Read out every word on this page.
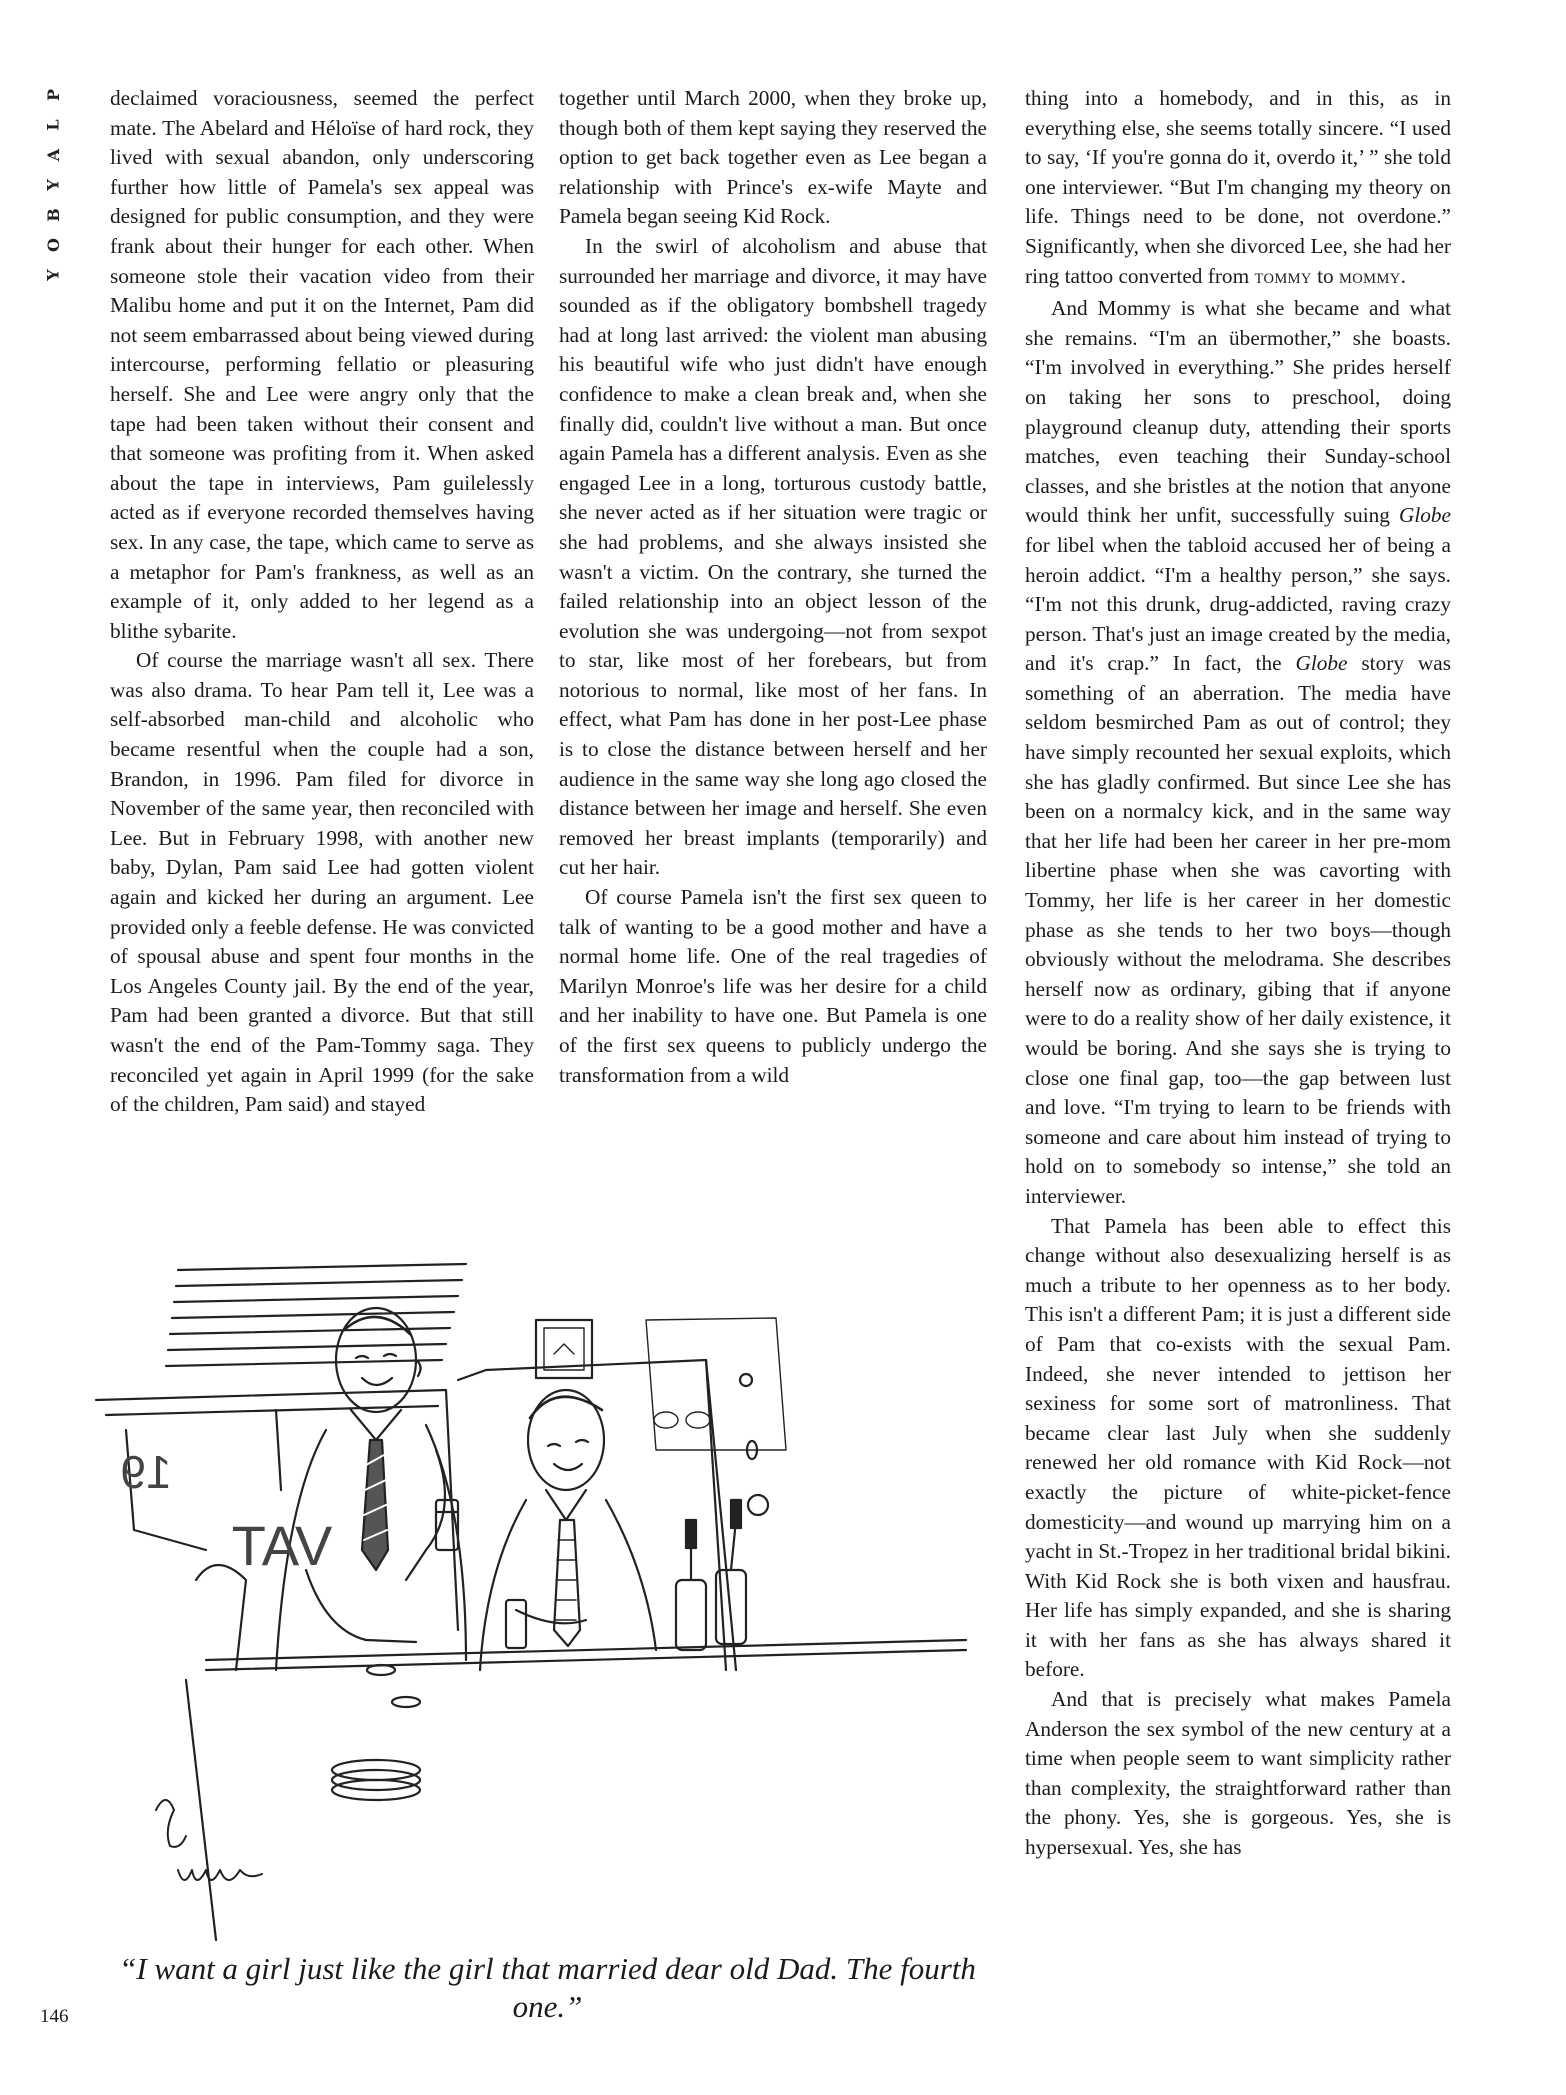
P
L
A
Y
B
O
Y

declaimed voraciousness, seemed the perfect mate. The Abelard and Héloïse of hard rock, they lived with sexual abandon, only underscoring further how little of Pamela's sex appeal was designed for public consumption, and they were frank about their hunger for each other. When someone stole their vacation video from their Malibu home and put it on the Internet, Pam did not seem embarrassed about being viewed during intercourse, performing fellatio or pleasuring herself. She and Lee were angry only that the tape had been taken without their consent and that someone was profiting from it. When asked about the tape in interviews, Pam guilelessly acted as if everyone recorded themselves having sex. In any case, the tape, which came to serve as a metaphor for Pam's frankness, as well as an example of it, only added to her legend as a blithe sybarite.

Of course the marriage wasn't all sex. There was also drama. To hear Pam tell it, Lee was a self-absorbed man-child and alcoholic who became resentful when the couple had a son, Brandon, in 1996. Pam filed for divorce in November of the same year, then reconciled with Lee. But in February 1998, with another new baby, Dylan, Pam said Lee had gotten violent again and kicked her during an argument. Lee provided only a feeble defense. He was convicted of spousal abuse and spent four months in the Los Angeles County jail. By the end of the year, Pam had been granted a divorce. But that still wasn't the end of the Pam-Tommy saga. They reconciled yet again in April 1999 (for the sake of the children, Pam said) and stayed

together until March 2000, when they broke up, though both of them kept saying they reserved the option to get back together even as Lee began a relationship with Prince's ex-wife Mayte and Pamela began seeing Kid Rock.

In the swirl of alcoholism and abuse that surrounded her marriage and divorce, it may have sounded as if the obligatory bombshell tragedy had at long last arrived: the violent man abusing his beautiful wife who just didn't have enough confidence to make a clean break and, when she finally did, couldn't live without a man. But once again Pamela has a different analysis. Even as she engaged Lee in a long, torturous custody battle, she never acted as if her situation were tragic or she had problems, and she always insisted she wasn't a victim. On the contrary, she turned the failed relationship into an object lesson of the evolution she was undergoing—not from sexpot to star, like most of her forebears, but from notorious to normal, like most of her fans. In effect, what Pam has done in her post-Lee phase is to close the distance between herself and her audience in the same way she long ago closed the distance between her image and herself. She even removed her breast implants (temporarily) and cut her hair.

Of course Pamela isn't the first sex queen to talk of wanting to be a good mother and have a normal home life. One of the real tragedies of Marilyn Monroe's life was her desire for a child and her inability to have one. But Pamela is one of the first sex queens to publicly undergo the transformation from a wild

thing into a homebody, and in this, as in everything else, she seems totally sincere. “I used to say, ‘If you're gonna do it, overdo it,’ ” she told one interviewer. “But I'm changing my theory on life. Things need to be done, not overdone.” Significantly, when she divorced Lee, she had her ring tattoo converted from TOMMY to MOMMY.

And Mommy is what she became and what she remains. “I'm an übermother,” she boasts. “I'm involved in everything.” She prides herself on taking her sons to preschool, doing playground cleanup duty, attending their sports matches, even teaching their Sunday-school classes, and she bristles at the notion that anyone would think her unfit, successfully suing Globe for libel when the tabloid accused her of being a heroin addict. “I'm a healthy person,” she says. “I'm not this drunk, drug-addicted, raving crazy person. That's just an image created by the media, and it's crap.” In fact, the Globe story was something of an aberration. The media have seldom besmirched Pam as out of control; they have simply recounted her sexual exploits, which she has gladly confirmed. But since Lee she has been on a normalcy kick, and in the same way that her life had been her career in her pre-mom libertine phase when she was cavorting with Tommy, her life is her career in her domestic phase as she tends to her two boys—though obviously without the melodrama. She describes herself now as ordinary, gibing that if anyone were to do a reality show of her daily existence, it would be boring. And she says she is trying to close one final gap, too—the gap between lust and love. “I'm trying to learn to be friends with someone and care about him instead of trying to hold on to somebody so intense,” she told an interviewer.

That Pamela has been able to effect this change without also desexualizing herself is as much a tribute to her openness as to her body. This isn't a different Pam; it is just a different side of Pam that co-exists with the sexual Pam. Indeed, she never intended to jettison her sexiness for some sort of matronliness. That became clear last July when she suddenly renewed her old romance with Kid Rock—not exactly the picture of white-picket-fence domesticity—and wound up marrying him on a yacht in St.-Tropez in her traditional bridal bikini. With Kid Rock she is both vixen and hausfrau. Her life has simply expanded, and she is sharing it with her fans as she has always shared it before.

And that is precisely what makes Pamela Anderson the sex symbol of the new century at a time when people seem to want simplicity rather than complexity, the straightforward rather than the phony. Yes, she is gorgeous. Yes, she is hypersexual. Yes, she has

VAT
19
“I want a girl just like the girl that married dear old Dad. The fourth one.”
146
